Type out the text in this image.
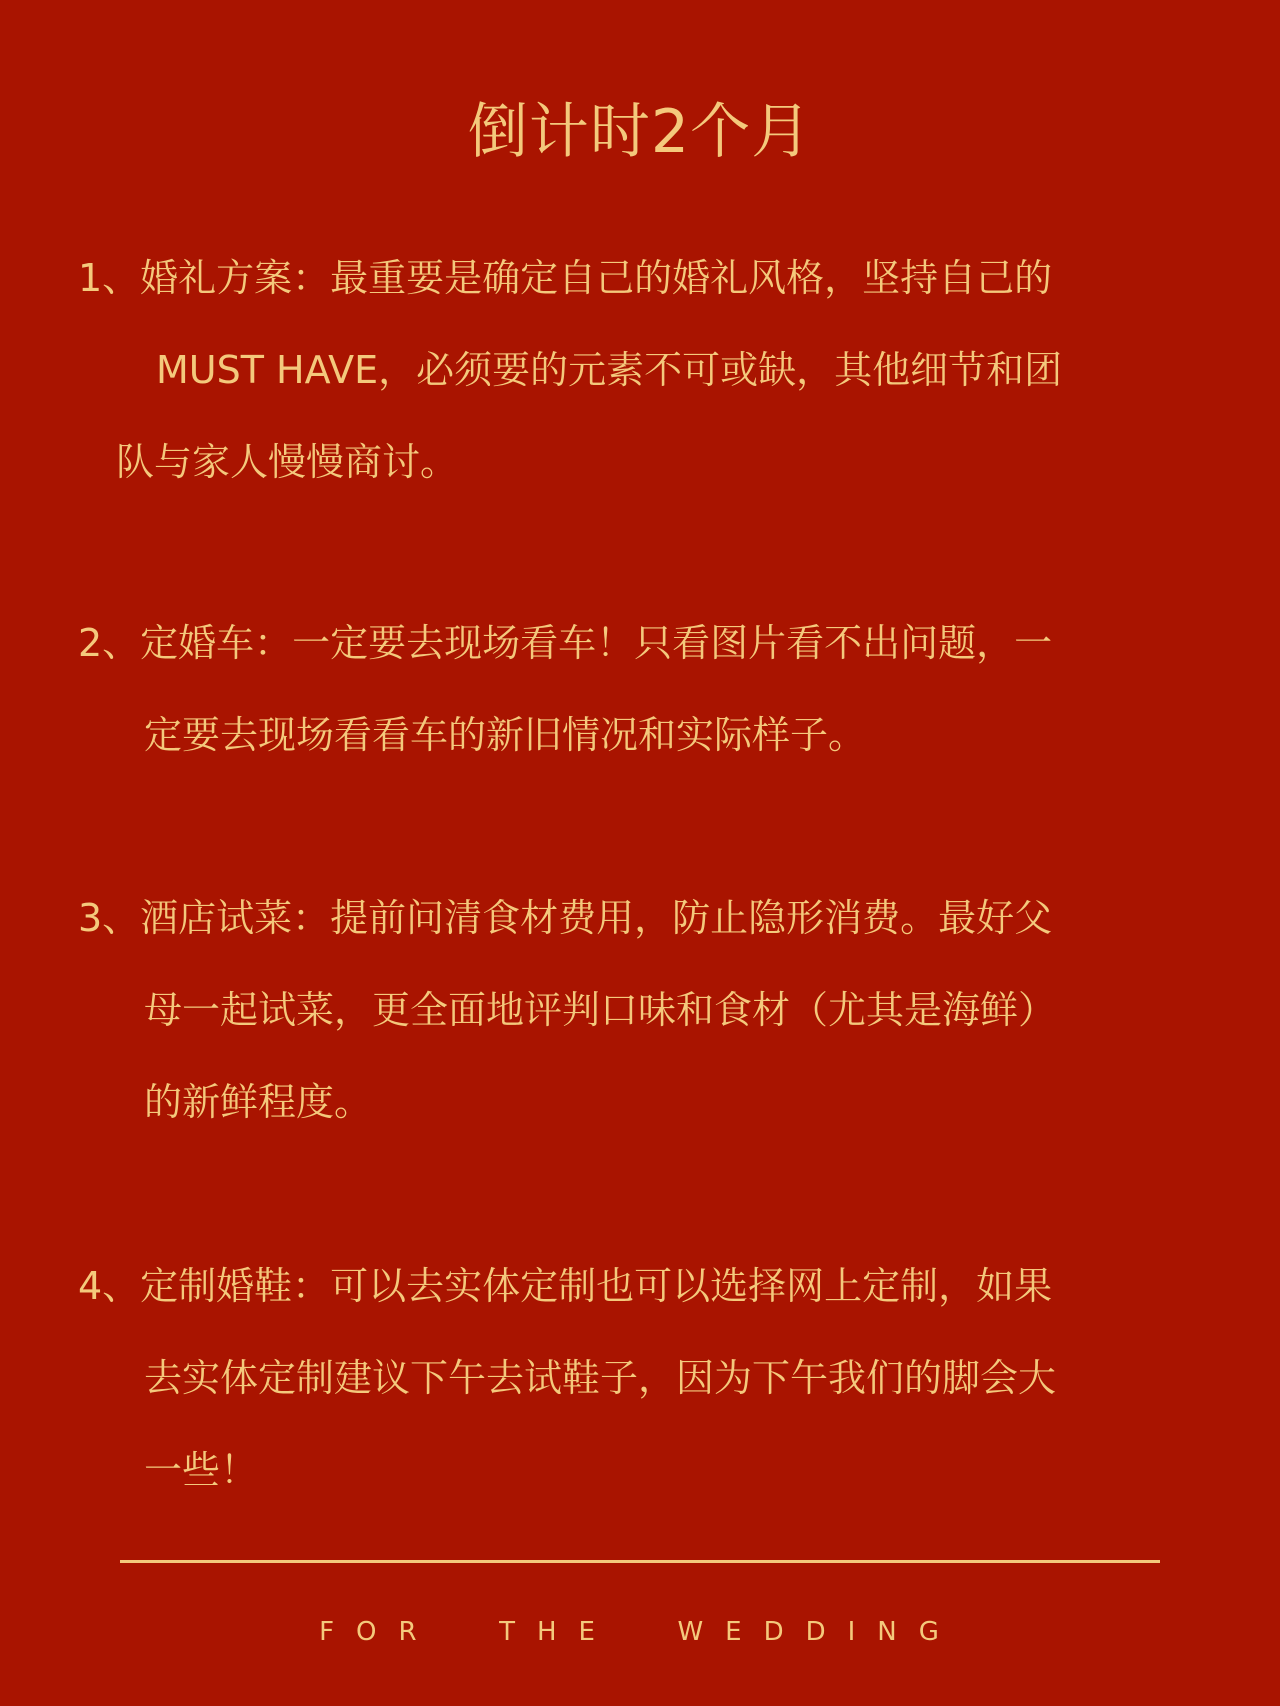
倒计时2个月
1、婚礼方案：最重要是确定自己的婚礼风格，坚持自己的
MUST HAVE，必须要的元素不可或缺，其他细节和团
队与家人慢慢商讨。
2、定婚车：一定要去现场看车！只看图片看不出问题，一
定要去现场看看车的新旧情况和实际样子。
3、酒店试菜：提前问清食材费用，防止隐形消费。最好父
母一起试菜，更全面地评判口味和食材（尤其是海鲜）
的新鲜程度。
4、定制婚鞋：可以去实体定制也可以选择网上定制，如果
去实体定制建议下午去试鞋子，因为下午我们的脚会大
一些！
FOR  THE  WEDDING
